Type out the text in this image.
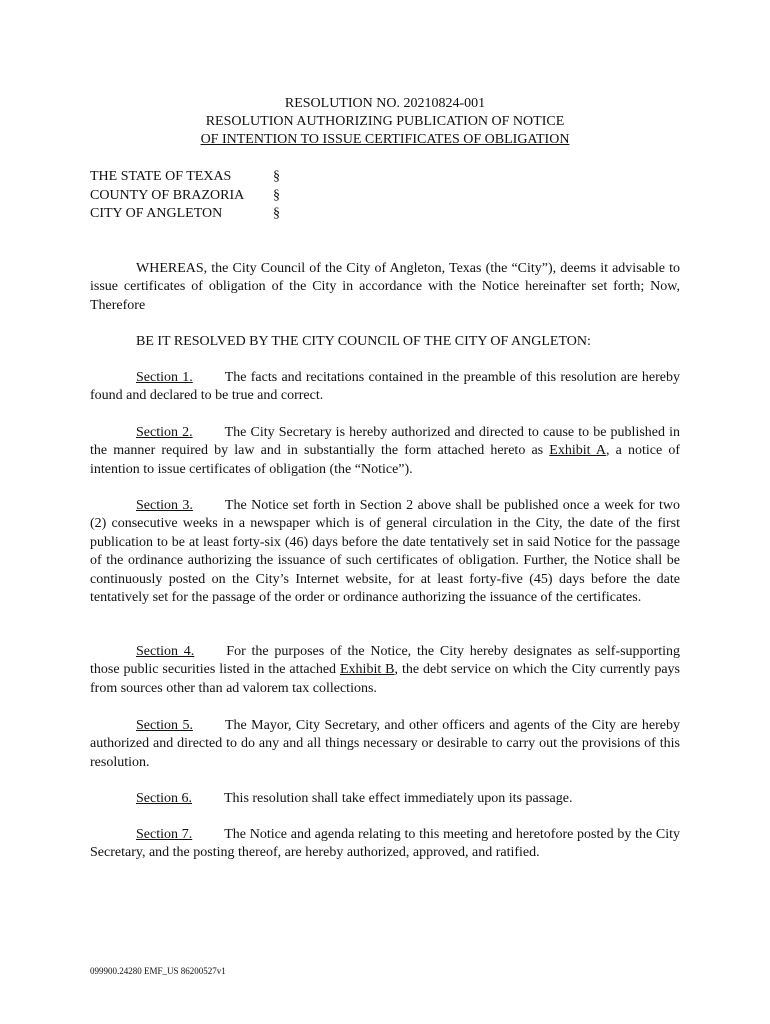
RESOLUTION NO. 20210824-001
RESOLUTION AUTHORIZING PUBLICATION OF NOTICE
OF INTENTION TO ISSUE CERTIFICATES OF OBLIGATION
THE STATE OF TEXAS	§
COUNTY OF BRAZORIA	§
CITY OF ANGLETON	§
WHEREAS, the City Council of the City of Angleton, Texas (the “City”), deems it advisable to issue certificates of obligation of the City in accordance with the Notice hereinafter set forth; Now, Therefore
BE IT RESOLVED BY THE CITY COUNCIL OF THE CITY OF ANGLETON:
Section 1. The facts and recitations contained in the preamble of this resolution are hereby found and declared to be true and correct.
Section 2. The City Secretary is hereby authorized and directed to cause to be published in the manner required by law and in substantially the form attached hereto as Exhibit A, a notice of intention to issue certificates of obligation (the “Notice”).
Section 3. The Notice set forth in Section 2 above shall be published once a week for two (2) consecutive weeks in a newspaper which is of general circulation in the City, the date of the first publication to be at least forty-six (46) days before the date tentatively set in said Notice for the passage of the ordinance authorizing the issuance of such certificates of obligation. Further, the Notice shall be continuously posted on the City’s Internet website, for at least forty-five (45) days before the date tentatively set for the passage of the order or ordinance authorizing the issuance of the certificates.
Section 4. For the purposes of the Notice, the City hereby designates as self-supporting those public securities listed in the attached Exhibit B, the debt service on which the City currently pays from sources other than ad valorem tax collections.
Section 5. The Mayor, City Secretary, and other officers and agents of the City are hereby authorized and directed to do any and all things necessary or desirable to carry out the provisions of this resolution.
Section 6. This resolution shall take effect immediately upon its passage.
Section 7. The Notice and agenda relating to this meeting and heretofore posted by the City Secretary, and the posting thereof, are hereby authorized, approved, and ratified.
099900.24280 EMF_US 86200527v1
